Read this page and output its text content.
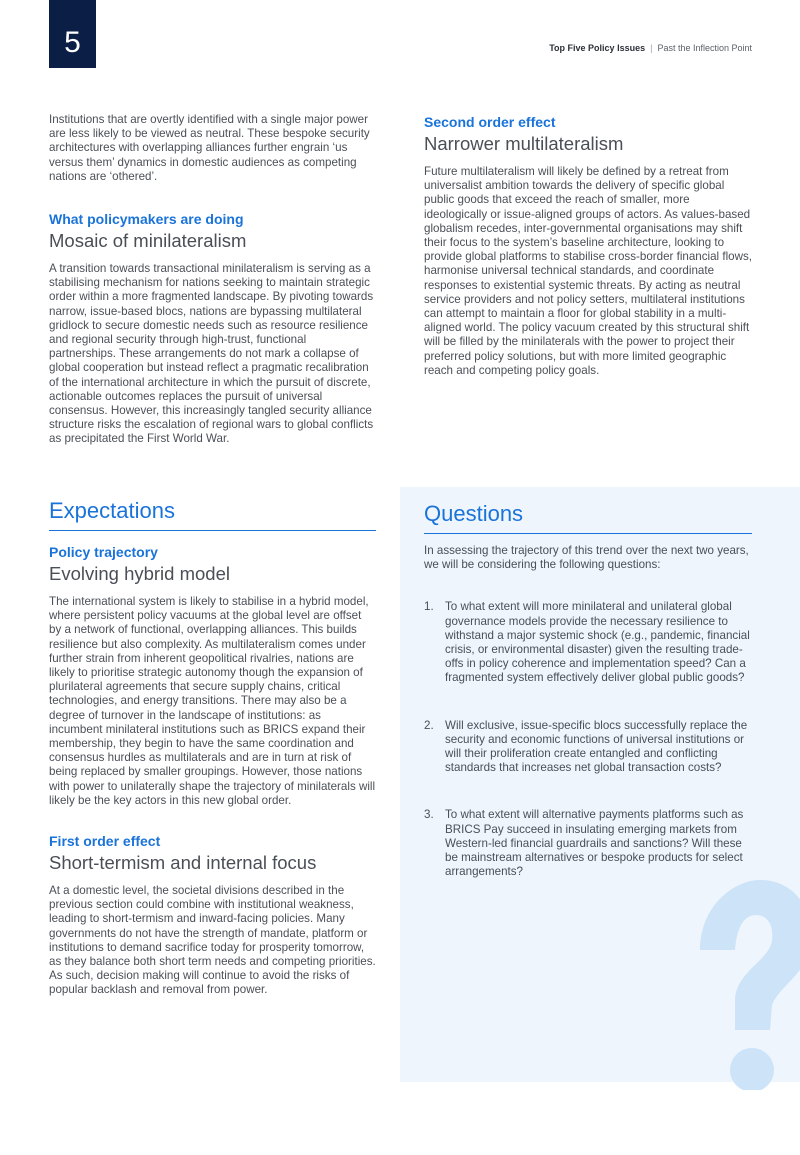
5	Top Five Policy Issues | Past the Inflection Point

Institutions that are overtly identified with a single major power are less likely to be viewed as neutral. These bespoke security architectures with overlapping alliances further engrain ‘us versus them’ dynamics in domestic audiences as competing nations are ‘othered’.

What policymakers are doing
Mosaic of minilateralism

A transition towards transactional minilateralism is serving as a stabilising mechanism for nations seeking to maintain strategic order within a more fragmented landscape. By pivoting towards narrow, issue-based blocs, nations are bypassing multilateral gridlock to secure domestic needs such as resource resilience and regional security through high-trust, functional partnerships. These arrangements do not mark a collapse of global cooperation but instead reflect a pragmatic recalibration of the international architecture in which the pursuit of discrete, actionable outcomes replaces the pursuit of universal consensus. However, this increasingly tangled security alliance structure risks the escalation of regional wars to global conflicts as precipitated the First World War.

Second order effect
Narrower multilateralism

Future multilateralism will likely be defined by a retreat from universalist ambition towards the delivery of specific global public goods that exceed the reach of smaller, more ideologically or issue-aligned groups of actors. As values-based globalism recedes, inter-governmental organisations may shift their focus to the system’s baseline architecture, looking to provide global platforms to stabilise cross-border financial flows, harmonise universal technical standards, and coordinate responses to existential systemic threats. By acting as neutral service providers and not policy setters, multilateral institutions can attempt to maintain a floor for global stability in a multi-aligned world. The policy vacuum created by this structural shift will be filled by the minilaterals with the power to project their preferred policy solutions, but with more limited geographic reach and competing policy goals.

Questions

In assessing the trajectory of this trend over the next two years, we will be considering the following questions:

1. To what extent will more minilateral and unilateral global governance models provide the necessary resilience to withstand a major systemic shock (e.g., pandemic, financial crisis, or environmental disaster) given the resulting trade-offs in policy coherence and implementation speed? Can a fragmented system effectively deliver global public goods?
2. Will exclusive, issue-specific blocs successfully replace the security and economic functions of universal institutions or will their proliferation create entangled and conflicting standards that increases net global transaction costs?
3. To what extent will alternative payments platforms such as BRICS Pay succeed in insulating emerging markets from Western-led financial guardrails and sanctions? Will these be mainstream alternatives or bespoke products for select arrangements?
Expectations
Policy trajectory
Evolving hybrid model

The international system is likely to stabilise in a hybrid model, where persistent policy vacuums at the global level are offset by a network of functional, overlapping alliances. This builds resilience but also complexity. As multilateralism comes under further strain from inherent geopolitical rivalries, nations are likely to prioritise strategic autonomy though the expansion of plurilateral agreements that secure supply chains, critical technologies, and energy transitions. There may also be a degree of turnover in the landscape of institutions: as incumbent minilateral institutions such as BRICS expand their membership, they begin to have the same coordination and consensus hurdles as multilaterals and are in turn at risk of being replaced by smaller groupings. However, those nations with power to unilaterally shape the trajectory of minilaterals will likely be the key actors in this new global order.

First order effect
Short-termism and internal focus

At a domestic level, the societal divisions described in the previous section could combine with institutional weakness, leading to short-termism and inward-facing policies. Many governments do not have the strength of mandate, platform or institutions to demand sacrifice today for prosperity tomorrow, as they balance both short term needs and competing priorities. As such, decision making will continue to avoid the risks of popular backlash and removal from power.
